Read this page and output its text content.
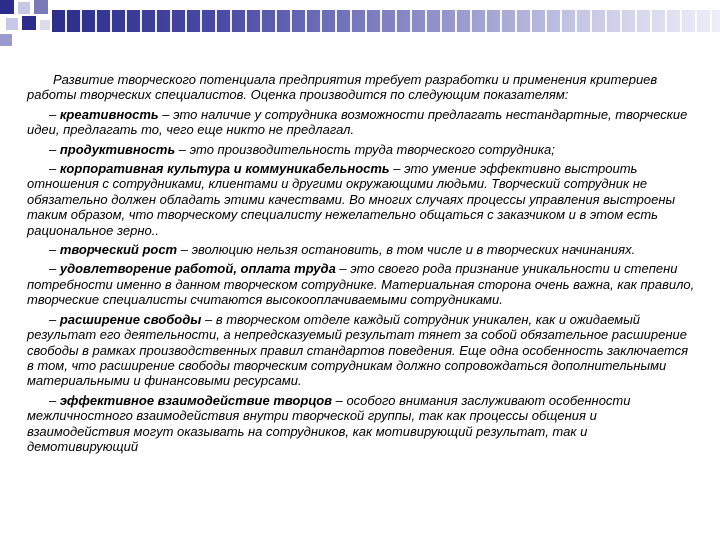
Развитие творческого потенциала предприятия требует разработки и применения критериев работы творческих специалистов. Оценка производится по следующим показателям:

– креативность – это наличие у сотрудника возможности предлагать нестандартные, творческие идеи, предлагать то, чего еще никто не предлагал.

– продуктивность – это производительность труда творческого сотрудника;

– корпоративная культура и коммуникабельность – это умение эффективно выстроить отношения с сотрудниками, клиентами и другими окружающими людьми. Творческий сотрудник не обязательно должен обладать этими качествами. Во многих случаях процессы управления выстроены таким образом, что творческому специалисту нежелательно общаться с заказчиком и в этом есть рациональное зерно..

– творческий рост – эволюцию нельзя остановить, в том числе и в творческих начинаниях.

– удовлетворение работой, оплата труда – это своего рода признание уникальности и степени потребности именно в данном творческом сотруднике. Материальная сторона очень важна, как правило, творческие специалисты считаются высокооплачиваемыми сотрудниками.

– расширение свободы – в творческом отделе каждый сотрудник уникален, как и ожидаемый результат его деятельности, а непредсказуемый результат тянет за собой обязательное расширение свободы в рамках производственных правил стандартов поведения. Еще одна особенность заключается в том, что расширение свободы творческим сотрудникам должно сопровождаться дополнительными материальными и финансовыми ресурсами.

– эффективное взаимодействие творцов – особого внимания заслуживают особенности межличностного взаимодействия внутри творческой группы, так как процессы общения и взаимодействия могут оказывать на сотрудников, как мотивирующий результат, так и демотивирующий
